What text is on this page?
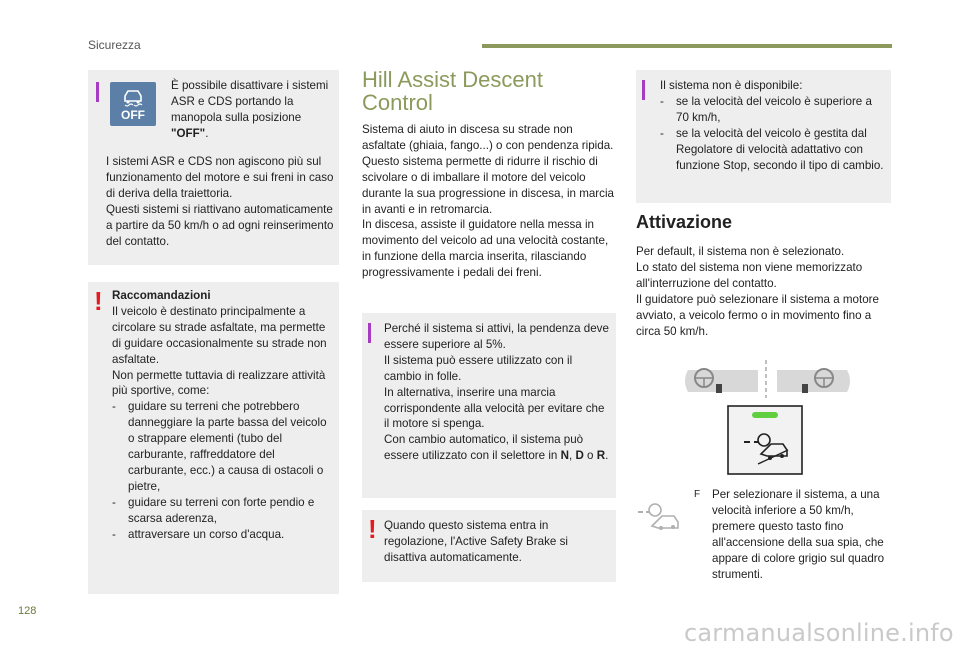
Sicurezza
OFF
È possibile disattivare i sistemi ASR e CDS portando la manopola sulla posizione "OFF".
I sistemi ASR e CDS non agiscono più sul funzionamento del motore e sui freni in caso di deriva della traiettoria.
Questi sistemi si riattivano automaticamente a partire da 50 km/h o ad ogni reinserimento del contatto.
! Raccomandazioni
Il veicolo è destinato principalmente a circolare su strade asfaltate, ma permette di guidare occasionalmente su strade non asfaltate.
Non permette tuttavia di realizzare attività più sportive, come:
- guidare su terreni che potrebbero danneggiare la parte bassa del veicolo o strappare elementi (tubo del carburante, raffreddatore del carburante, ecc.) a causa di ostacoli o pietre,
- guidare su terreni con forte pendio e scarsa aderenza,
- attraversare un corso d'acqua.
Hill Assist Descent Control
Sistema di aiuto in discesa su strade non asfaltate (ghiaia, fango...) o con pendenza ripida.
Questo sistema permette di ridurre il rischio di scivolare o di imballare il motore del veicolo durante la sua progressione in discesa, in marcia in avanti e in retromarcia.
In discesa, assiste il guidatore nella messa in movimento del veicolo ad una velocità costante, in funzione della marcia inserita, rilasciando progressivamente i pedali dei freni.
Perché il sistema si attivi, la pendenza deve essere superiore al 5%.
Il sistema può essere utilizzato con il cambio in folle.
In alternativa, inserire una marcia corrispondente alla velocità per evitare che il motore si spenga.
Con cambio automatico, il sistema può essere utilizzato con il selettore in N, D o R.
! Quando questo sistema entra in regolazione, l'Active Safety Brake si disattiva automaticamente.
Il sistema non è disponibile:
- se la velocità del veicolo è superiore a 70 km/h,
- se la velocità del veicolo è gestita dal Regolatore di velocità adattativo con funzione Stop, secondo il tipo di cambio.
Attivazione
Per default, il sistema non è selezionato.
Lo stato del sistema non viene memorizzato all'interruzione del contatto.
Il guidatore può selezionare il sistema a motore avviato, a veicolo fermo o in movimento fino a circa 50 km/h.
F Per selezionare il sistema, a una velocità inferiore a 50 km/h, premere questo tasto fino all'accensione della sua spia, che appare di colore grigio sul quadro strumenti.
128
carmanualsonline.info
